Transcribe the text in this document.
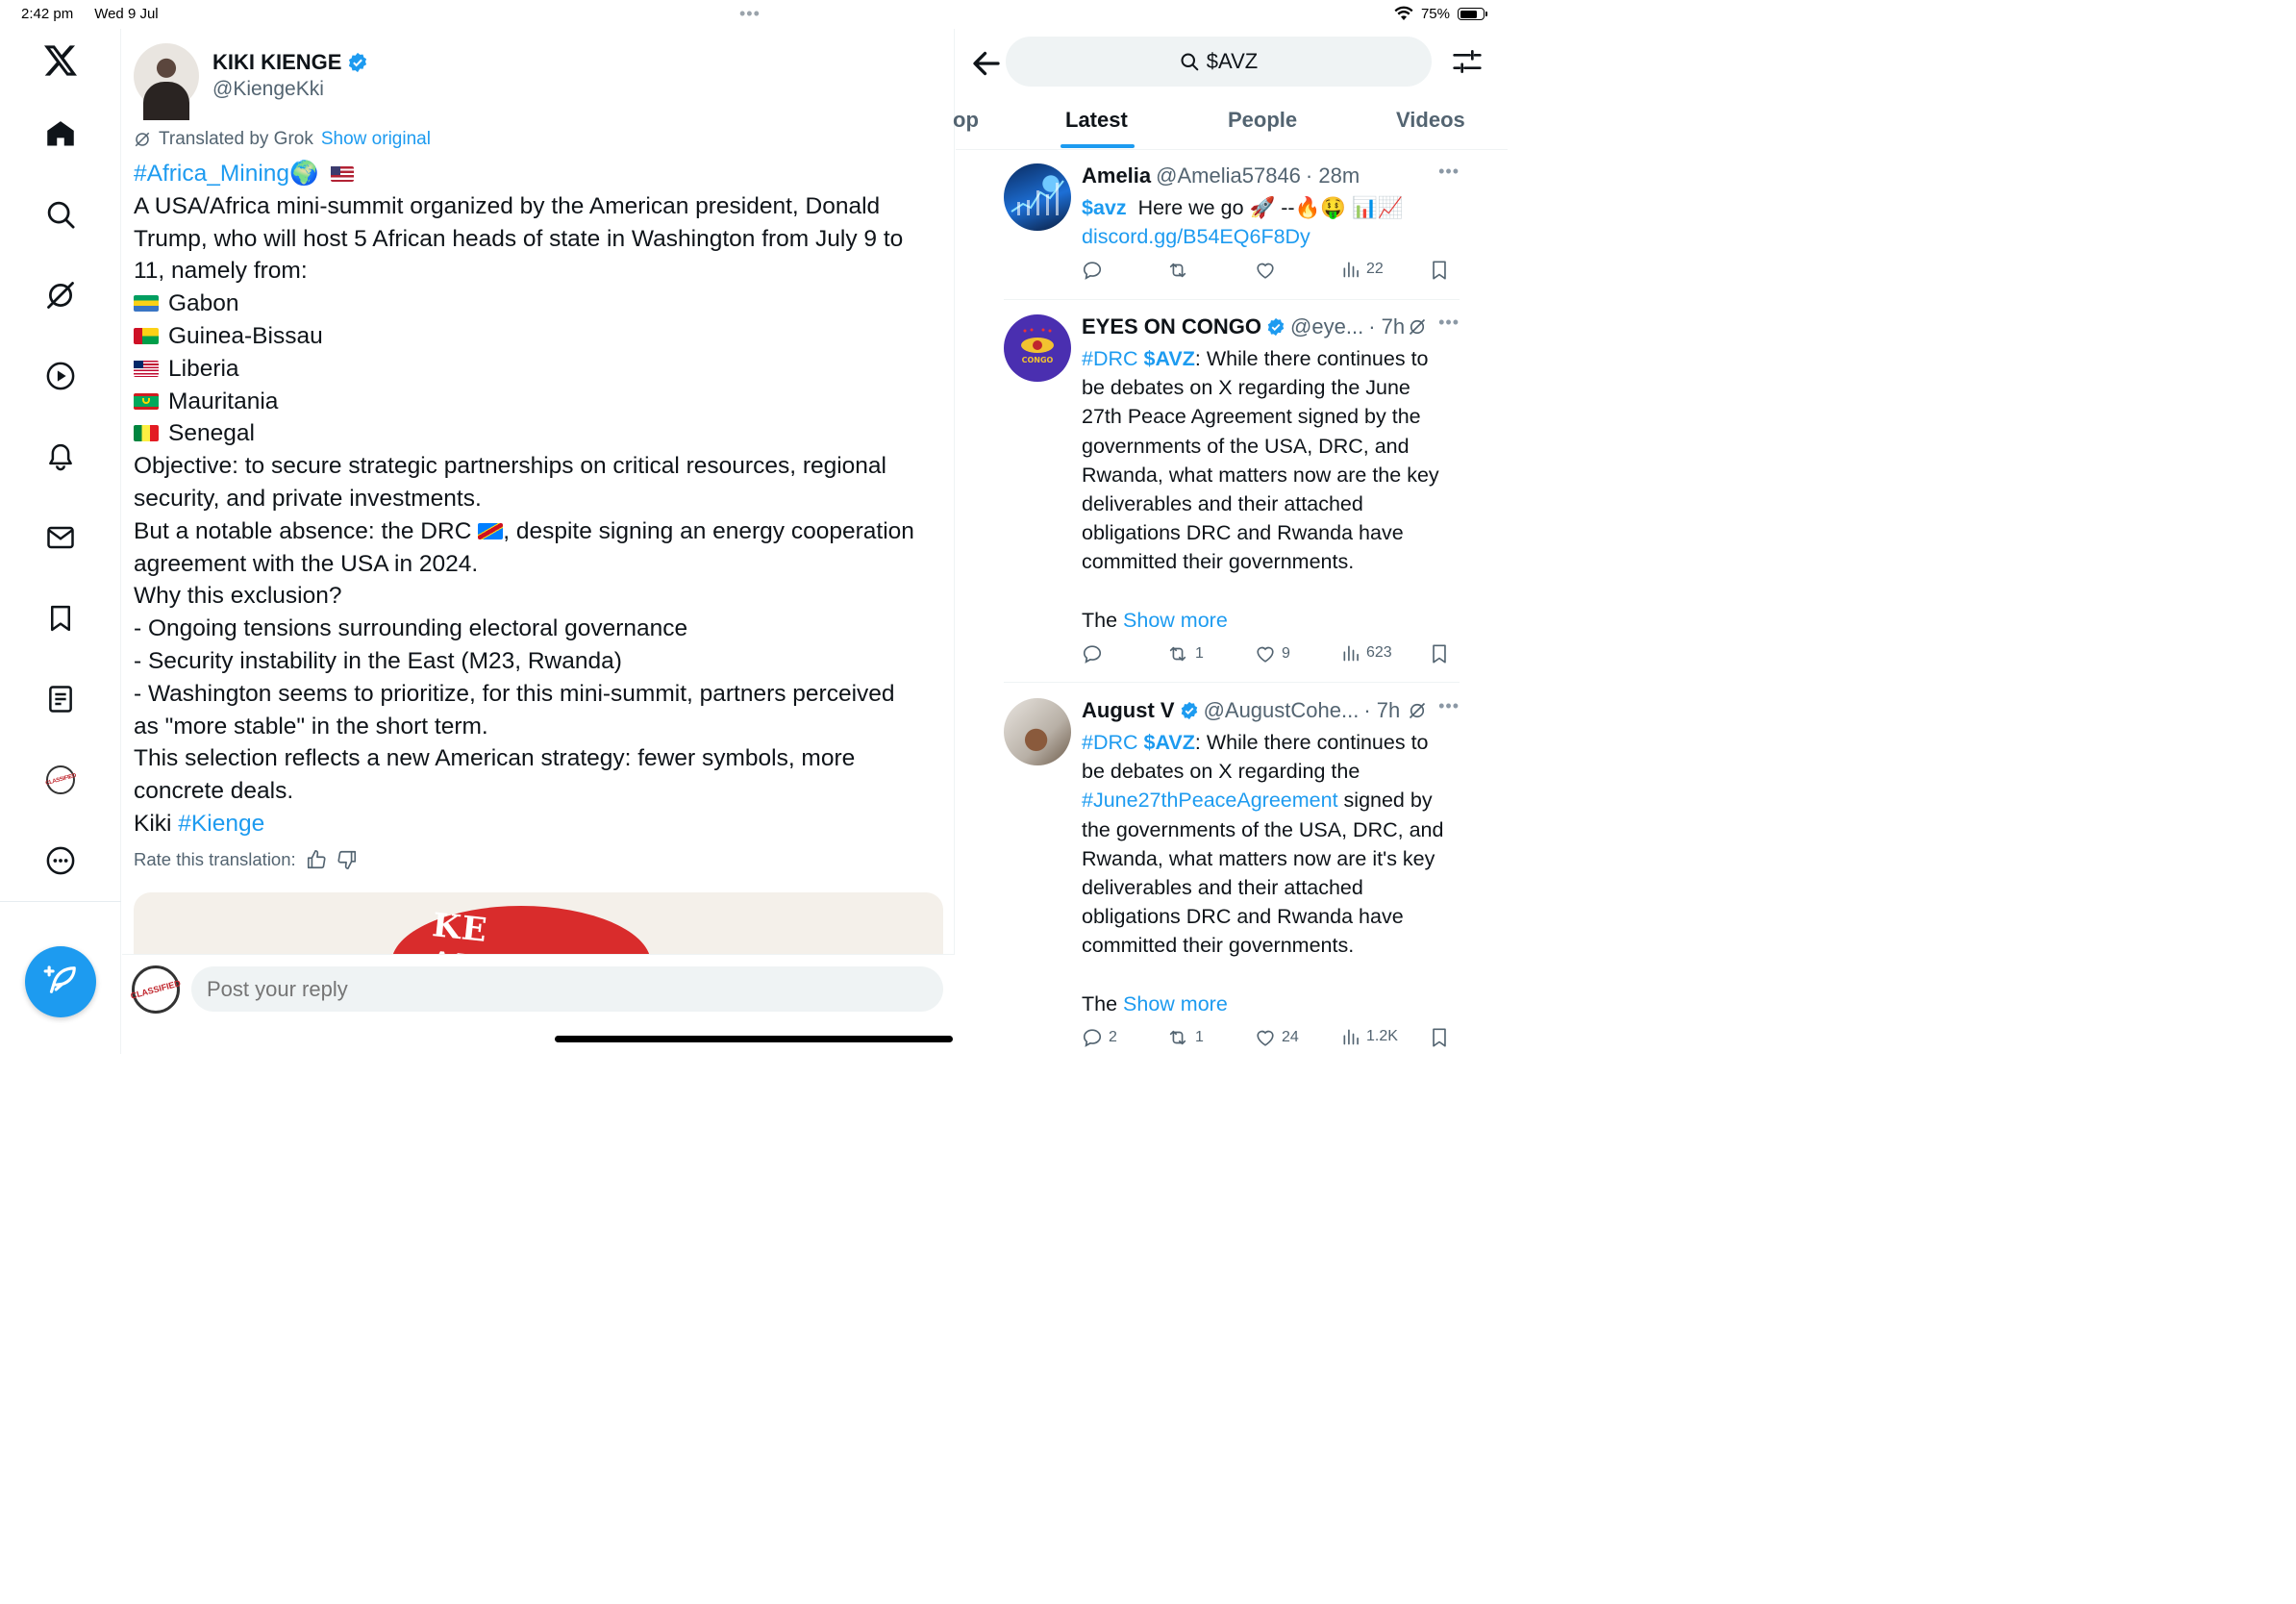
2:42 pm Wed 9 Jul	•••	75%
CLASSIFIED
KIKI KIENGE
@KiengeKki
Translated by Grok Show original
#Africa_Mining🌍
A USA/Africa mini-summit organized by the American president, Donald
Trump, who will host 5 African heads of state in Washington from July 9 to
11, namely from:
Gabon
Guinea-Bissau
Liberia
Mauritania
Senegal
Objective: to secure strategic partnerships on critical resources, regional
security, and private investments.
But a notable absence: the DRC , despite signing an energy cooperation
agreement with the USA in 2024.
Why this exclusion?
- Ongoing tensions surrounding electoral governance
- Security instability in the East (M23, Rwanda)
- Washington seems to prioritize, for this mini-summit, partners perceived
as "more stable" in the short term.
This selection reflects a new American strategy: fewer symbols, more
concrete deals.
Kiki #Kienge
Rate this translation:
KE
CLASSIFIED
Post your reply
$AVZ
op	Latest	People	Videos
Amelia @Amelia57846 · 28m	•••
$avz Here we go 🚀 --🔥🤑 📊📈
discord.gg/B54EQ6F8Dy
22
CONGO
EYES ON CONGO @eye... · 7h •••
#DRC $AVZ: While there continues to
be debates on X regarding the June
27th Peace Agreement signed by the
governments of the USA, DRC, and
Rwanda, what matters now are the key
deliverables and their attached
obligations DRC and Rwanda have
committed their governments.

The Show more
1	9	623
August V @AugustCohe... · 7h •••
#DRC $AVZ: While there continues to
be debates on X regarding the
#June27thPeaceAgreement signed by
the governments of the USA, DRC, and
Rwanda, what matters now are it's key
deliverables and their attached
obligations DRC and Rwanda have
committed their governments.

The Show more
2	1	24	1.2K
